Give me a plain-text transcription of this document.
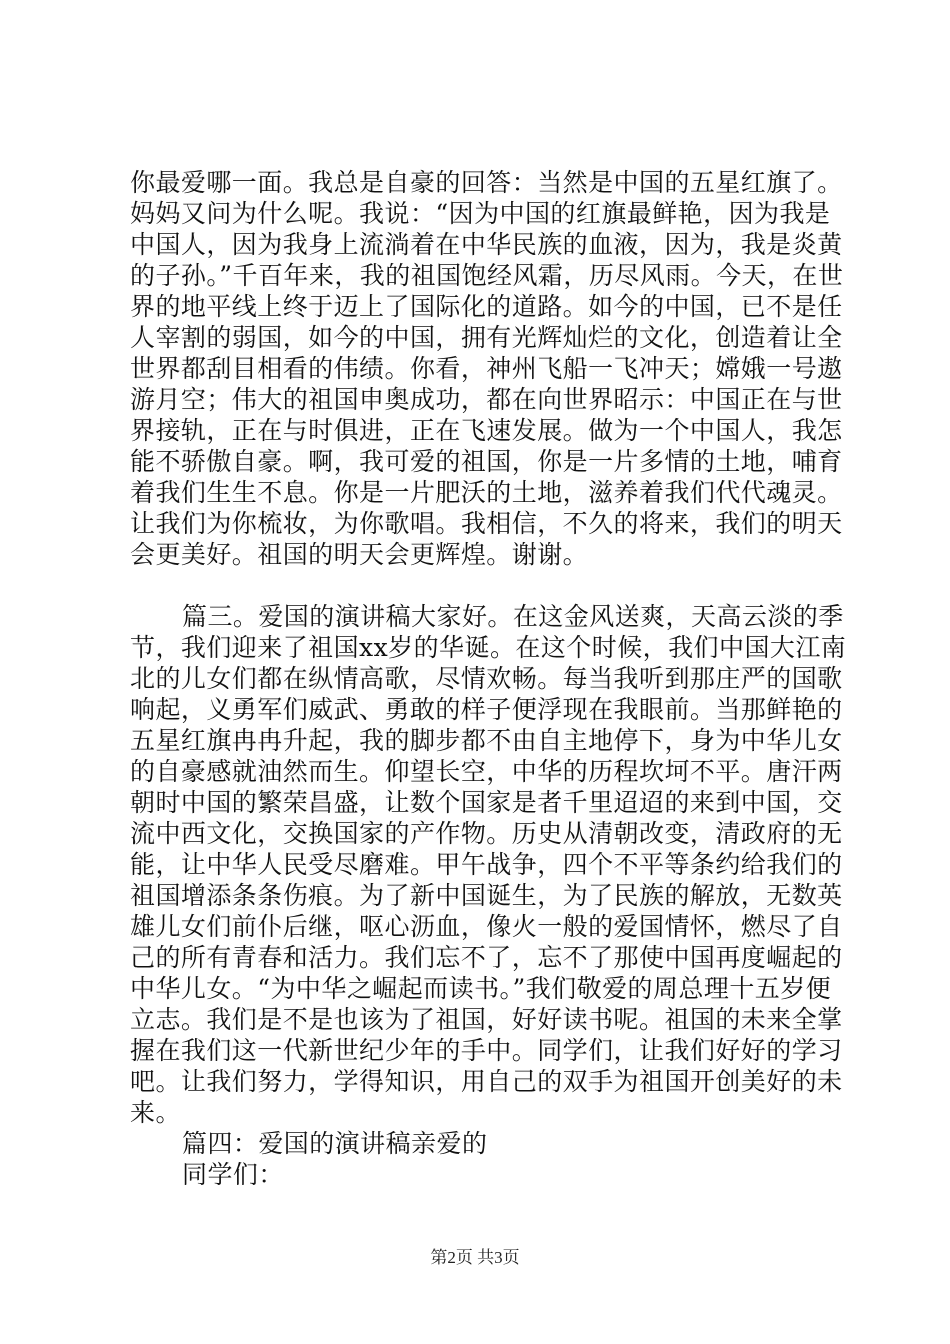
你最爱哪一面。我总是自豪的回答：当然是中国的五星红旗了。妈妈又问为什么呢。我说：“因为中国的红旗最鲜艳，因为我是中国人，因为我身上流淌着在中华民族的血液，因为，我是炎黄的子孙。”千百年来，我的祖国饱经风霜，历尽风雨。今天，在世界的地平线上终于迈上了国际化的道路。如今的中国，已不是任人宰割的弱国，如今的中国，拥有光辉灿烂的文化，创造着让全世界都刮目相看的伟绩。你看，神州飞船一飞冲天；嫦娥一号遨游月空；伟大的祖国申奥成功，都在向世界昭示：中国正在与世界接轨，正在与时俱进，正在飞速发展。做为一个中国人，我怎能不骄傲自豪。啊，我可爱的祖国，你是一片多情的土地，哺育着我们生生不息。你是一片肥沃的土地，滋养着我们代代魂灵。让我们为你梳妆，为你歌唱。我相信，不久的将来，我们的明天会更美好。祖国的明天会更辉煌。谢谢。

篇三。爱国的演讲稿大家好。在这金风送爽，天高云淡的季节，我们迎来了祖国xx岁的华诞。在这个时候，我们中国大江南北的儿女们都在纵情高歌，尽情欢畅。每当我听到那庄严的国歌响起，义勇军们威武、勇敢的样子便浮现在我眼前。当那鲜艳的五星红旗冉冉升起，我的脚步都不由自主地停下，身为中华儿女的自豪感就油然而生。仰望长空，中华的历程坎坷不平。唐汗两朝时中国的繁荣昌盛，让数个国家是者千里迢迢的来到中国，交流中西文化，交换国家的产作物。历史从清朝改变，清政府的无能，让中华人民受尽磨难。甲午战争，四个不平等条约给我们的祖国增添条条伤痕。为了新中国诞生，为了民族的解放，无数英雄儿女们前仆后继，呕心沥血，像火一般的爱国情怀，燃尽了自己的所有青春和活力。我们忘不了，忘不了那使中国再度崛起的中华儿女。“为中华之崛起而读书。”我们敬爱的周总理十五岁便立志。我们是不是也该为了祖国，好好读书呢。祖国的未来全掌握在我们这一代新世纪少年的手中。同学们，让我们好好的学习吧。让我们努力，学得知识，用自己的双手为祖国开创美好的未来。

篇四：爱国的演讲稿亲爱的

同学们：

第2页 共3页
